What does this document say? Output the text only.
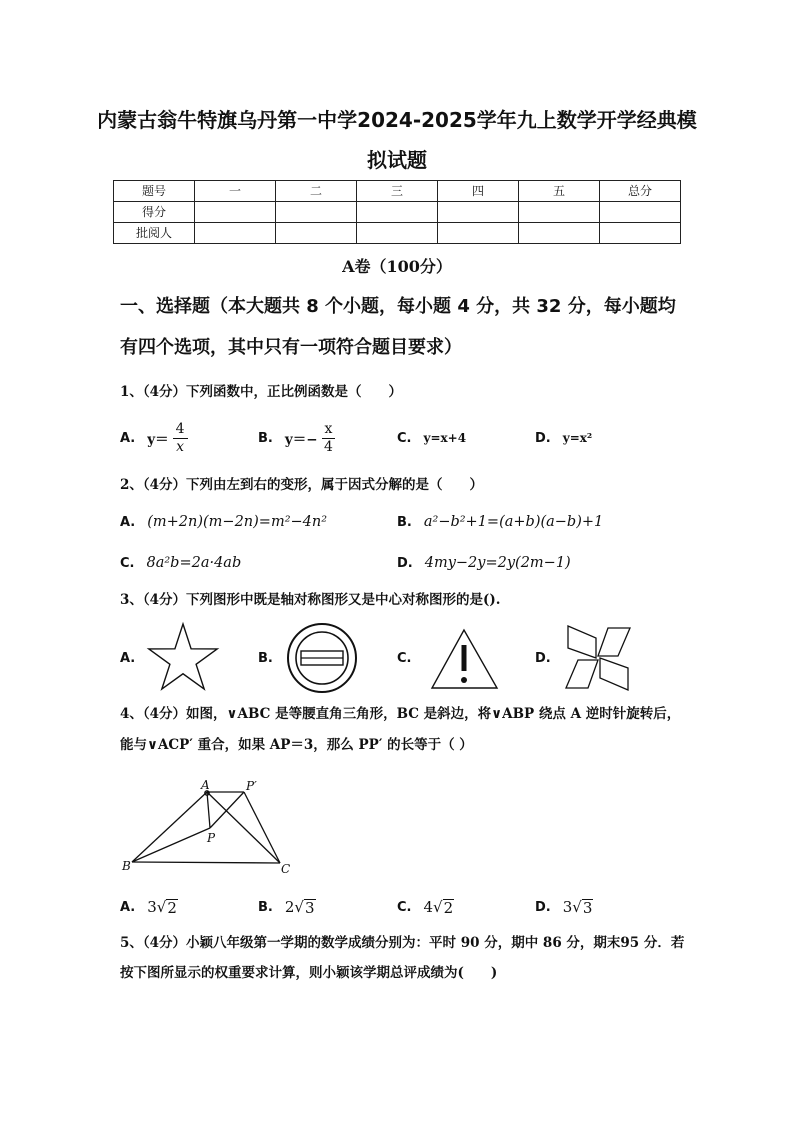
内蒙古翁牛特旗乌丹第一中学2024-2025学年九上数学开学经典模
拟试题
题号	一	二	三	四	五	总分
得分						
批阅人						
A卷（100分）
一、选择题（本大题共 8 个小题，每小题 4 分，共 32 分，每小题均
有四个选项，其中只有一项符合题目要求）
1、（4分）下列函数中，正比例函数是（　　）
A. $y= \frac{4}{x}$	B. $y=- \frac{x}{4}$	C. y=x+4	D. y=x²
2、（4分）下列由左到右的变形，属于因式分解的是（　　）
A. (m+2n)(m−2n)=m²−4n²	B. a²−b²+1=(a+b)(a−b)+1
C. 8a²b=2a·4ab	D. 4my−2y=2y(2m−1)
3、（4分）下列图形中既是轴对称图形又是中心对称图形的是().
A.	B.	C.	D.
4、（4分）如图，∨ABC 是等腰直角三角形，BC 是斜边，将∨ABP 绕点 A 逆时针旋转后，
能与∨ACP′ 重合，如果 AP＝3，那么 PP′ 的长等于（ ）
A	P′
P
B	C
A. 3 √ 2	B. 2 √ 3	C. 4 √ 2	D. 3 √ 3
5、（4分）小颖八年级第一学期的数学成绩分别为：平时 90 分，期中 86 分，期末95 分．若
按下图所显示的权重要求计算，则小颖该学期总评成绩为(　　)
